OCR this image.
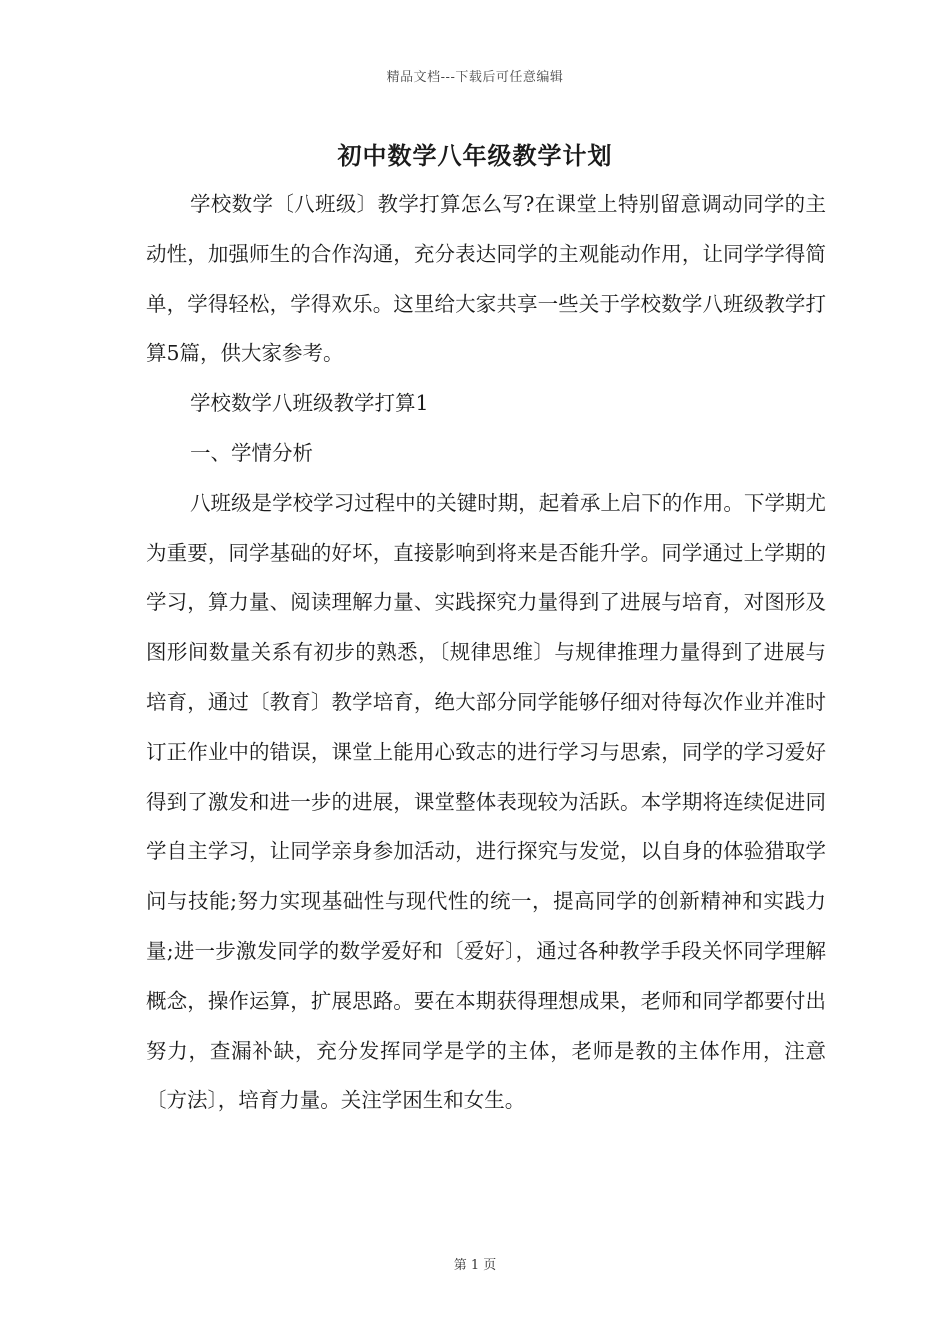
精品文档---下载后可任意编辑
初中数学八年级教学计划

学校数学〔八班级〕教学打算怎么写?在课堂上特别留意调动同学的主动性，加强师生的合作沟通，充分表达同学的主观能动作用，让同学学得简单，学得轻松，学得欢乐。这里给大家共享一些关于学校数学八班级教学打算5篇，供大家参考。

学校数学八班级教学打算1

一、学情分析

八班级是学校学习过程中的关键时期，起着承上启下的作用。下学期尤为重要，同学基础的好坏，直接影响到将来是否能升学。同学通过上学期的学习，算力量、阅读理解力量、实践探究力量得到了进展与培育，对图形及图形间数量关系有初步的熟悉，〔规律思维〕与规律推理力量得到了进展与培育，通过〔教育〕教学培育，绝大部分同学能够仔细对待每次作业并准时订正作业中的错误，课堂上能用心致志的进行学习与思索，同学的学习爱好得到了激发和进一步的进展，课堂整体表现较为活跃。本学期将连续促进同学自主学习，让同学亲身参加活动，进行探究与发觉，以自身的体验猎取学问与技能;努力实现基础性与现代性的统一，提高同学的创新精神和实践力量;进一步激发同学的数学爱好和〔爱好〕，通过各种教学手段关怀同学理解概念，操作运算，扩展思路。要在本期获得理想成果，老师和同学都要付出努力，查漏补缺，充分发挥同学是学的主体，老师是教的主体作用，注意〔方法〕，培育力量。关注学困生和女生。

第 1 页
